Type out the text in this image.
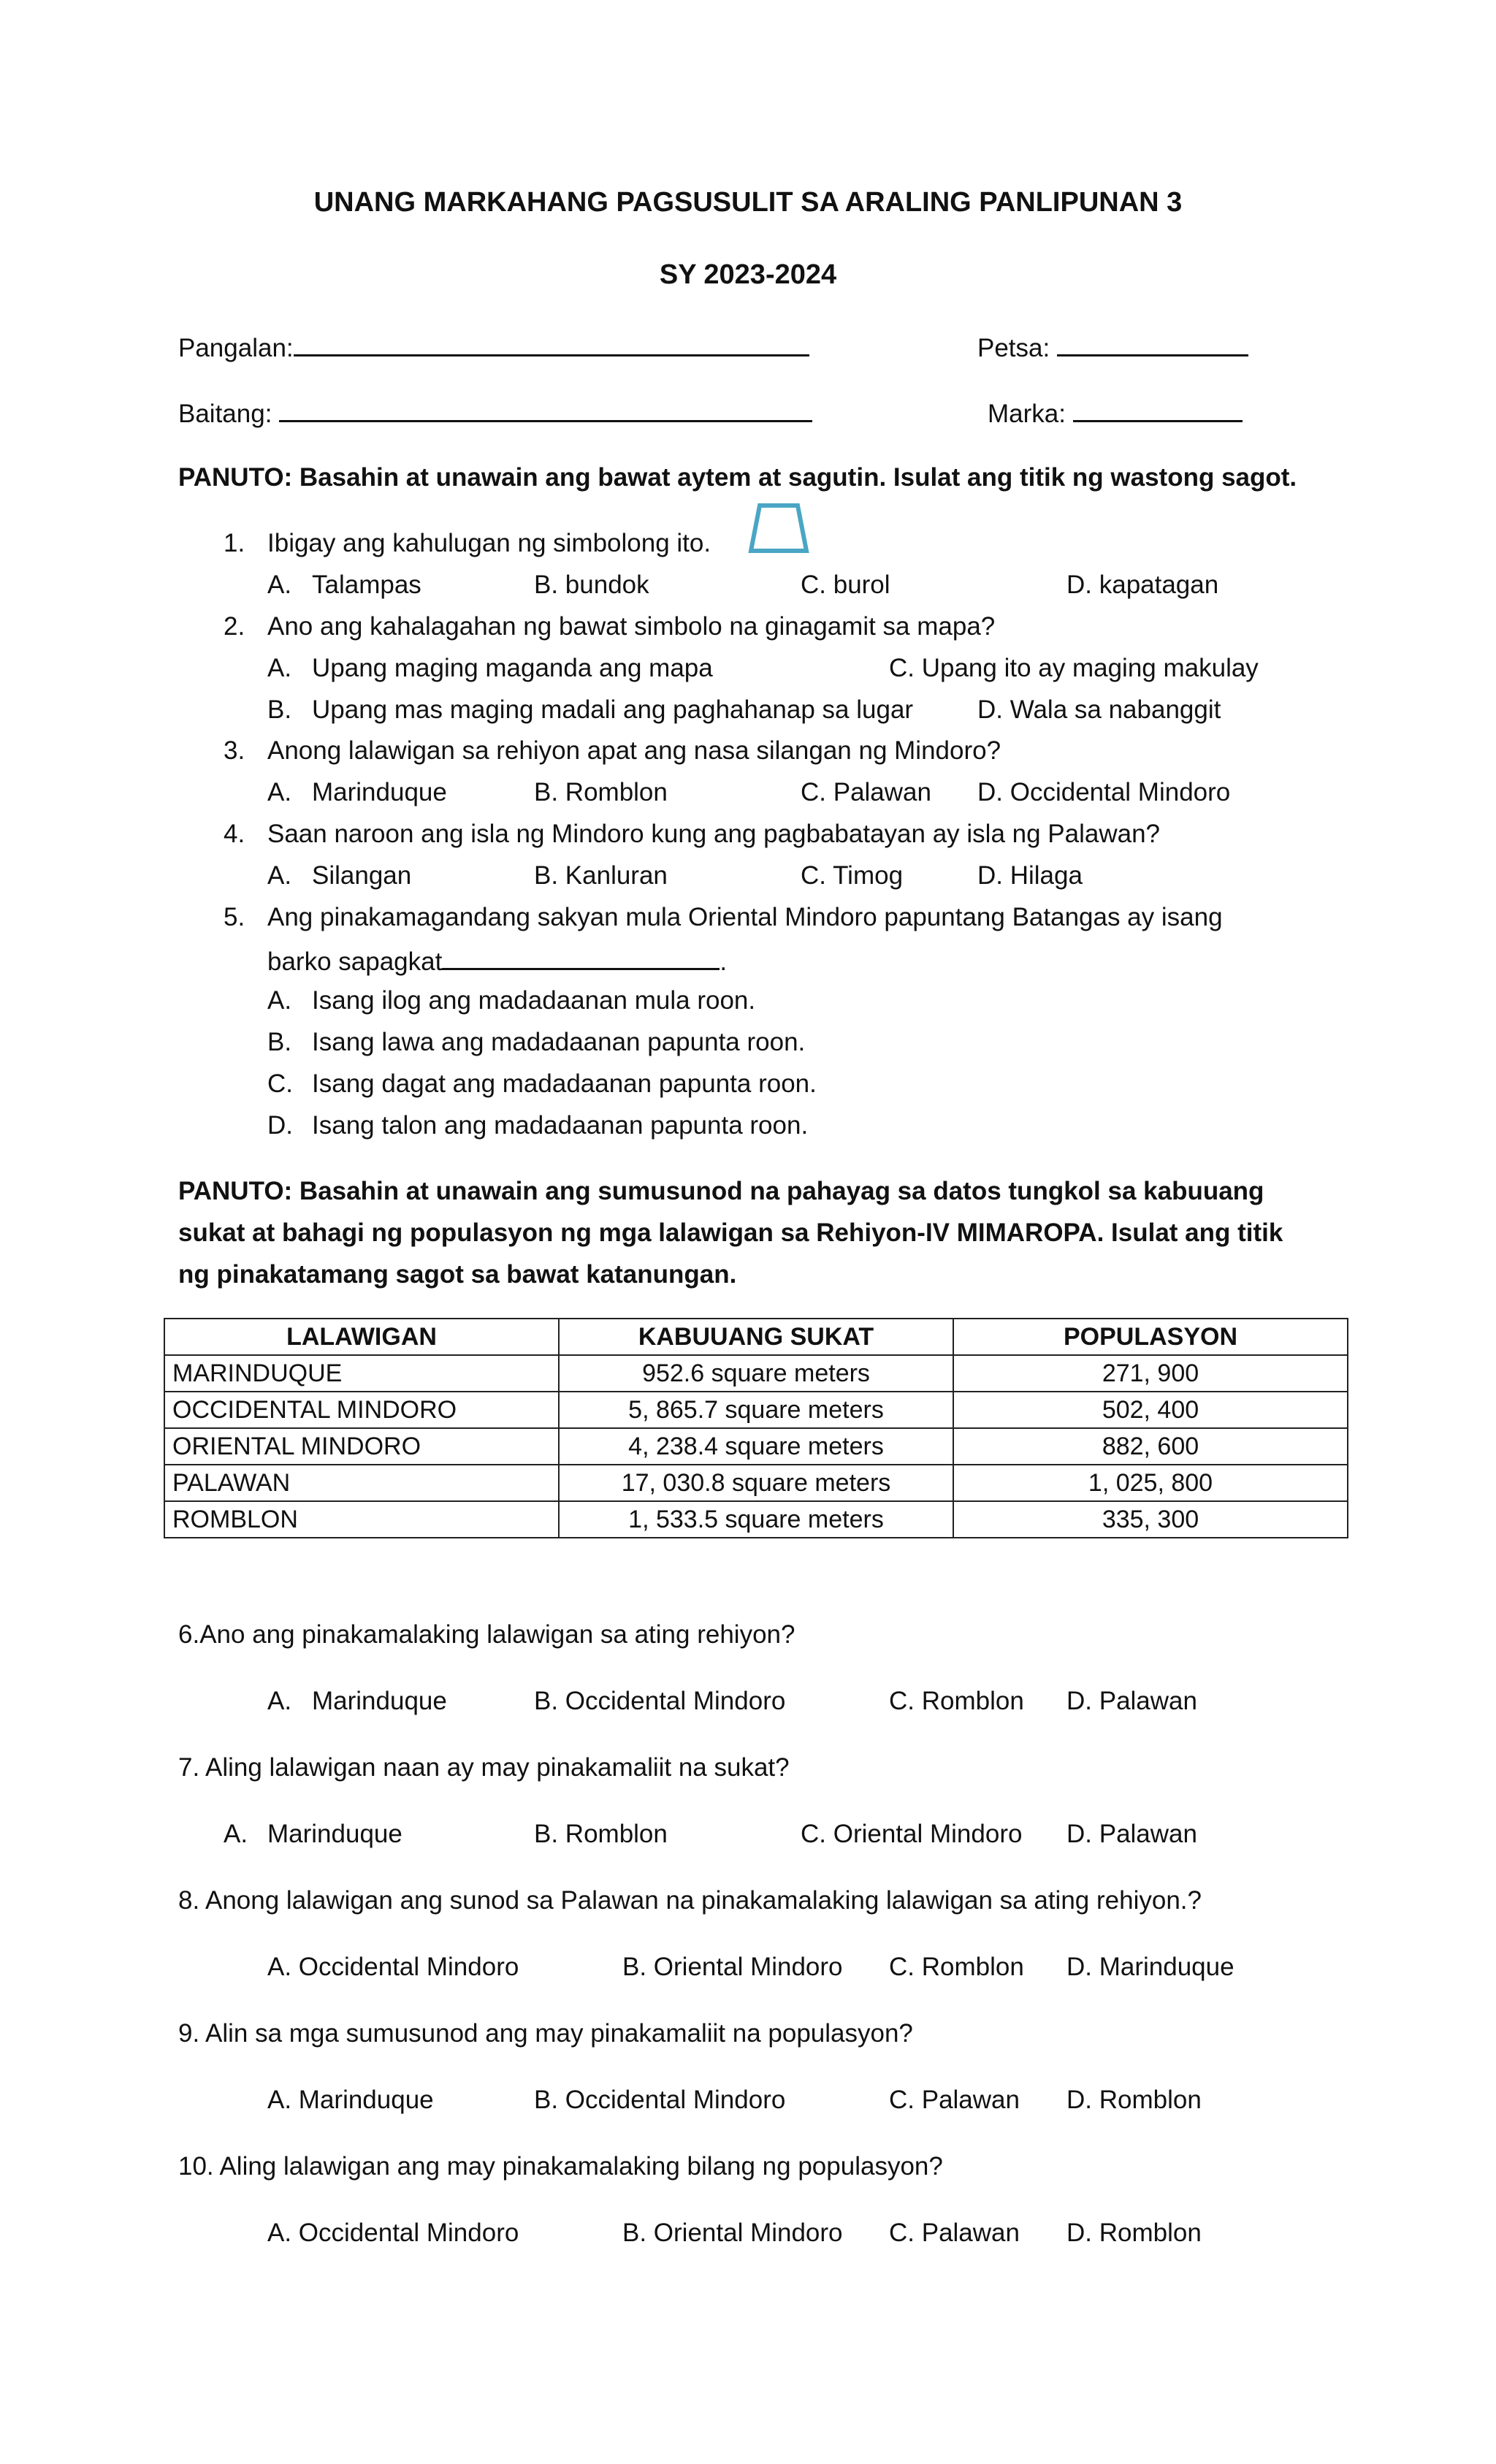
UNANG MARKAHANG PAGSUSULIT SA ARALING PANLIPUNAN 3
SY 2023-2024
Pangalan:	Petsa:
Baitang:	Marka:
PANUTO: Basahin at unawain ang bawat aytem at sagutin. Isulat ang titik ng wastong sagot.
1. Ibigay ang kahulugan ng simbolong ito.
A. Talampas	B. bundok	C. burol	D. kapatagan
2. Ano ang kahalagahan ng bawat simbolo na ginagamit sa mapa?
A. Upang maging maganda ang mapa	C. Upang ito ay maging makulay
B. Upang mas maging madali ang paghahanap sa lugar	D. Wala sa nabanggit
3. Anong lalawigan sa rehiyon apat ang nasa silangan ng Mindoro?
A. Marinduque	B. Romblon	C. Palawan D. Occidental Mindoro
4. Saan naroon ang isla ng Mindoro kung ang pagbabatayan ay isla ng Palawan?
A. Silangan	B. Kanluran	C. Timog	D. Hilaga
5. Ang pinakamagandang sakyan mula Oriental Mindoro papuntang Batangas ay isang
barko sapagkat	.
A. Isang ilog ang madadaanan mula roon.
B. Isang lawa ang madadaanan papunta roon.
C. Isang dagat ang madadaanan papunta roon.
D. Isang talon ang madadaanan papunta roon.
PANUTO: Basahin at unawain ang sumusunod na pahayag sa datos tungkol sa kabuuang
sukat at bahagi ng populasyon ng mga lalawigan sa Rehiyon-IV MIMAROPA. Isulat ang titik
ng pinakatamang sagot sa bawat katanungan.
LALAWIGAN	KABUUANG SUKAT	POPULASYON
MARINDUQUE	952.6 square meters	271, 900
OCCIDENTAL MINDORO	5, 865.7 square meters	502, 400
ORIENTAL MINDORO	4, 238.4 square meters	882, 600
PALAWAN	17, 030.8 square meters	1, 025, 800
ROMBLON	1, 533.5 square meters	335, 300
6.Ano ang pinakamalaking lalawigan sa ating rehiyon?
A. Marinduque	B. Occidental Mindoro	C. Romblon D. Palawan
7. Aling lalawigan naan ay may pinakamaliit na sukat?
A. Marinduque	B. Romblon	C. Oriental Mindoro D. Palawan
8. Anong lalawigan ang sunod sa Palawan na pinakamalaking lalawigan sa ating rehiyon.?
A. Occidental Mindoro	B. Oriental Mindoro C. Romblon D. Marinduque
9. Alin sa mga sumusunod ang may pinakamaliit na populasyon?
A. Marinduque	B. Occidental Mindoro	C. Palawan D. Romblon
10. Aling lalawigan ang may pinakamalaking bilang ng populasyon?
A. Occidental Mindoro	B. Oriental Mindoro C. Palawan D. Romblon
